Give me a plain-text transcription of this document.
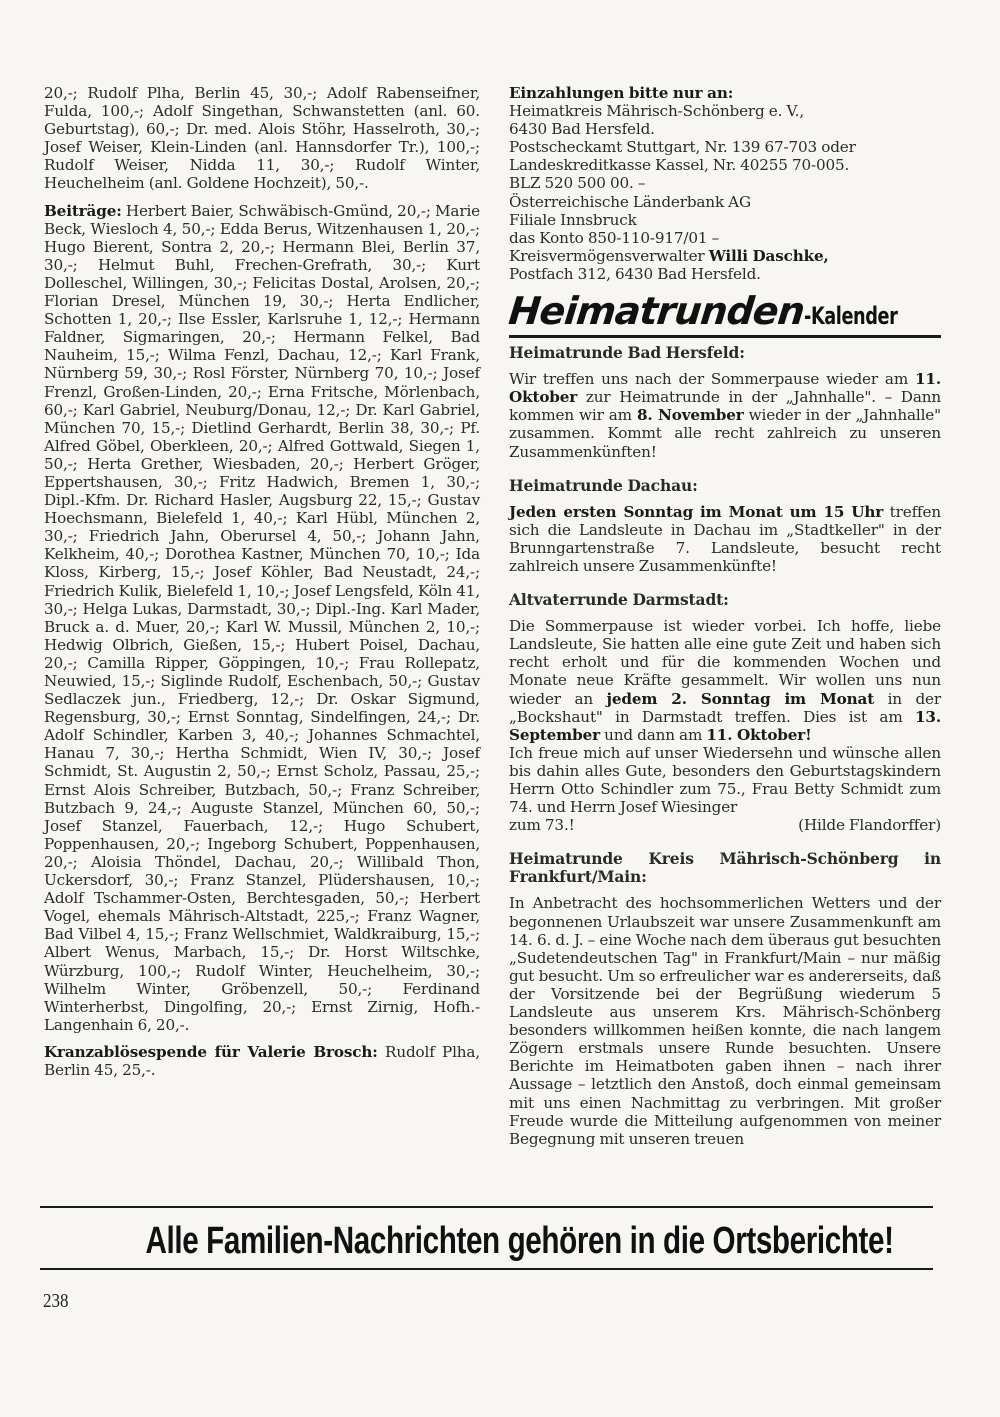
20,-; Rudolf Plha, Berlin 45, 30,-; Adolf Rabenseifner, Fulda, 100,-; Adolf Singethan, Schwanstetten (anl. 60. Geburtstag), 60,-; Dr. med. Alois Stöhr, Hasselroth, 30,-; Josef Weiser, Klein-Linden (anl. Hannsdorfer Tr.), 100,-; Rudolf Weiser, Nidda 11, 30,-; Rudolf Winter, Heuchelheim (anl. Goldene Hochzeit), 50,-.

Beiträge: Herbert Baier, Schwäbisch-Gmünd, 20,-; Marie Beck, Wiesloch 4, 50,-; Edda Berus, Witzenhausen 1, 20,-; Hugo Bierent, Sontra 2, 20,-; Hermann Blei, Berlin 37, 30,-; Helmut Buhl, Frechen-Grefrath, 30,-; Kurt Dolleschel, Willingen, 30,-; Felicitas Dostal, Arolsen, 20,-; Florian Dresel, München 19, 30,-; Herta Endlicher, Schotten 1, 20,-; Ilse Essler, Karlsruhe 1, 12,-; Hermann Faldner, Sigmaringen, 20,-; Hermann Felkel, Bad Nauheim, 15,-; Wilma Fenzl, Dachau, 12,-; Karl Frank, Nürnberg 59, 30,-; Rosl Förster, Nürnberg 70, 10,-; Josef Frenzl, Großen-Linden, 20,-; Erna Fritsche, Mörlenbach, 60,-; Karl Gabriel, Neuburg/Donau, 12,-; Dr. Karl Gabriel, München 70, 15,-; Dietlind Gerhardt, Berlin 38, 30,-; Pf. Alfred Göbel, Oberkleen, 20,-; Alfred Gottwald, Siegen 1, 50,-; Herta Grether, Wiesbaden, 20,-; Herbert Gröger, Eppertshausen, 30,-; Fritz Hadwich, Bremen 1, 30,-; Dipl.-Kfm. Dr. Richard Hasler, Augsburg 22, 15,-; Gustav Hoechsmann, Bielefeld 1, 40,-; Karl Hübl, München 2, 30,-; Friedrich Jahn, Oberursel 4, 50,-; Johann Jahn, Kelkheim, 40,-; Dorothea Kastner, München 70, 10,-; Ida Kloss, Kirberg, 15,-; Josef Köhler, Bad Neustadt, 24,-; Friedrich Kulik, Bielefeld 1, 10,-; Josef Lengsfeld, Köln 41, 30,-; Helga Lukas, Darmstadt, 30,-; Dipl.-Ing. Karl Mader, Bruck a. d. Muer, 20,-; Karl W. Mussil, München 2, 10,-; Hedwig Olbrich, Gießen, 15,-; Hubert Poisel, Dachau, 20,-; Camilla Ripper, Göppingen, 10,-; Frau Rollepatz, Neuwied, 15,-; Siglinde Rudolf, Eschenbach, 50,-; Gustav Sedlaczek jun., Friedberg, 12,-; Dr. Oskar Sigmund, Regensburg, 30,-; Ernst Sonntag, Sindelfingen, 24,-; Dr. Adolf Schindler, Karben 3, 40,-; Johannes Schmachtel, Hanau 7, 30,-; Hertha Schmidt, Wien IV, 30,-; Josef Schmidt, St. Augustin 2, 50,-; Ernst Scholz, Passau, 25,-; Ernst Alois Schreiber, Butzbach, 50,-; Franz Schreiber, Butzbach 9, 24,-; Auguste Stanzel, München 60, 50,-; Josef Stanzel, Fauerbach, 12,-; Hugo Schubert, Poppenhausen, 20,-; Ingeborg Schubert, Poppenhausen, 20,-; Aloisia Thöndel, Dachau, 20,-; Willibald Thon, Uckersdorf, 30,-; Franz Stanzel, Plüdershausen, 10,-; Adolf Tschammer-Osten, Berchtesgaden, 50,-; Herbert Vogel, ehemals Mährisch-Altstadt, 225,-; Franz Wagner, Bad Vilbel 4, 15,-; Franz Wellschmiet, Waldkraiburg, 15,-; Albert Wenus, Marbach, 15,-; Dr. Horst Wiltschke, Würzburg, 100,-; Rudolf Winter, Heuchelheim, 30,-; Wilhelm Winter, Gröbenzell, 50,-; Ferdinand Winterherbst, Dingolfing, 20,-; Ernst Zirnig, Hofh.-Langenhain 6, 20,-.

Kranzablösespende für Valerie Brosch: Rudolf Plha, Berlin 45, 25,-.

Einzahlungen bitte nur an:

Heimatkreis Mährisch-Schönberg e. V.,

6430 Bad Hersfeld.

Postscheckamt Stuttgart, Nr. 139 67-703 oder

Landeskreditkasse Kassel, Nr. 40255 70-005.

BLZ 520 500 00. –

Österreichische Länderbank AG

Filiale Innsbruck

das Konto 850-110-917/01 –

Kreisvermögensverwalter Willi Daschke,

Postfach 312, 6430 Bad Hersfeld.

Heimatrunden
-Kalender

Heimatrunde Bad Hersfeld:

Wir treffen uns nach der Sommerpause wieder am 11. Oktober zur Heimatrunde in der „Jahnhalle". – Dann kommen wir am 8. November wieder in der „Jahnhalle" zusammen. Kommt alle recht zahlreich zu unseren Zusammenkünften!

Heimatrunde Dachau:

Jeden ersten Sonntag im Monat um 15 Uhr treffen sich die Landsleute in Dachau im „Stadtkeller" in der Brunngartenstraße 7. Landsleute, besucht recht zahlreich unsere Zusammenkünfte!

Altvaterrunde Darmstadt:

Die Sommerpause ist wieder vorbei. Ich hoffe, liebe Landsleute, Sie hatten alle eine gute Zeit und haben sich recht erholt und für die kommenden Wochen und Monate neue Kräfte gesammelt. Wir wollen uns nun wieder an jedem 2. Sonntag im Monat in der „Bockshaut" in Darmstadt treffen. Dies ist am 13. September und dann am 11. Oktober!

Ich freue mich auf unser Wiedersehn und wünsche allen bis dahin alles Gute, besonders den Geburtstagskindern Herrn Otto Schindler zum 75., Frau Betty Schmidt zum 74. und Herrn Josef Wiesinger

zum 73.!	(Hilde Flandorffer)

Heimatrunde Kreis Mährisch-Schönberg in Frankfurt/Main:

In Anbetracht des hochsommerlichen Wetters und der begonnenen Urlaubszeit war unsere Zusammenkunft am 14. 6. d. J. – eine Woche nach dem überaus gut besuchten „Sudetendeutschen Tag" in Frankfurt/Main – nur mäßig gut besucht. Um so erfreulicher war es andererseits, daß der Vorsitzende bei der Begrüßung wiederum 5 Landsleute aus unserem Krs. Mährisch-Schönberg besonders willkommen heißen konnte, die nach langem Zögern erstmals unsere Runde besuchten. Unsere Berichte im Heimatboten gaben ihnen – nach ihrer Aussage – letztlich den Anstoß, doch einmal gemeinsam mit uns einen Nachmittag zu verbringen. Mit großer Freude wurde die Mitteilung aufgenommen von meiner Begegnung mit unseren treuen

Alle Familien-Nachrichten gehören in die Ortsberichte!
238
